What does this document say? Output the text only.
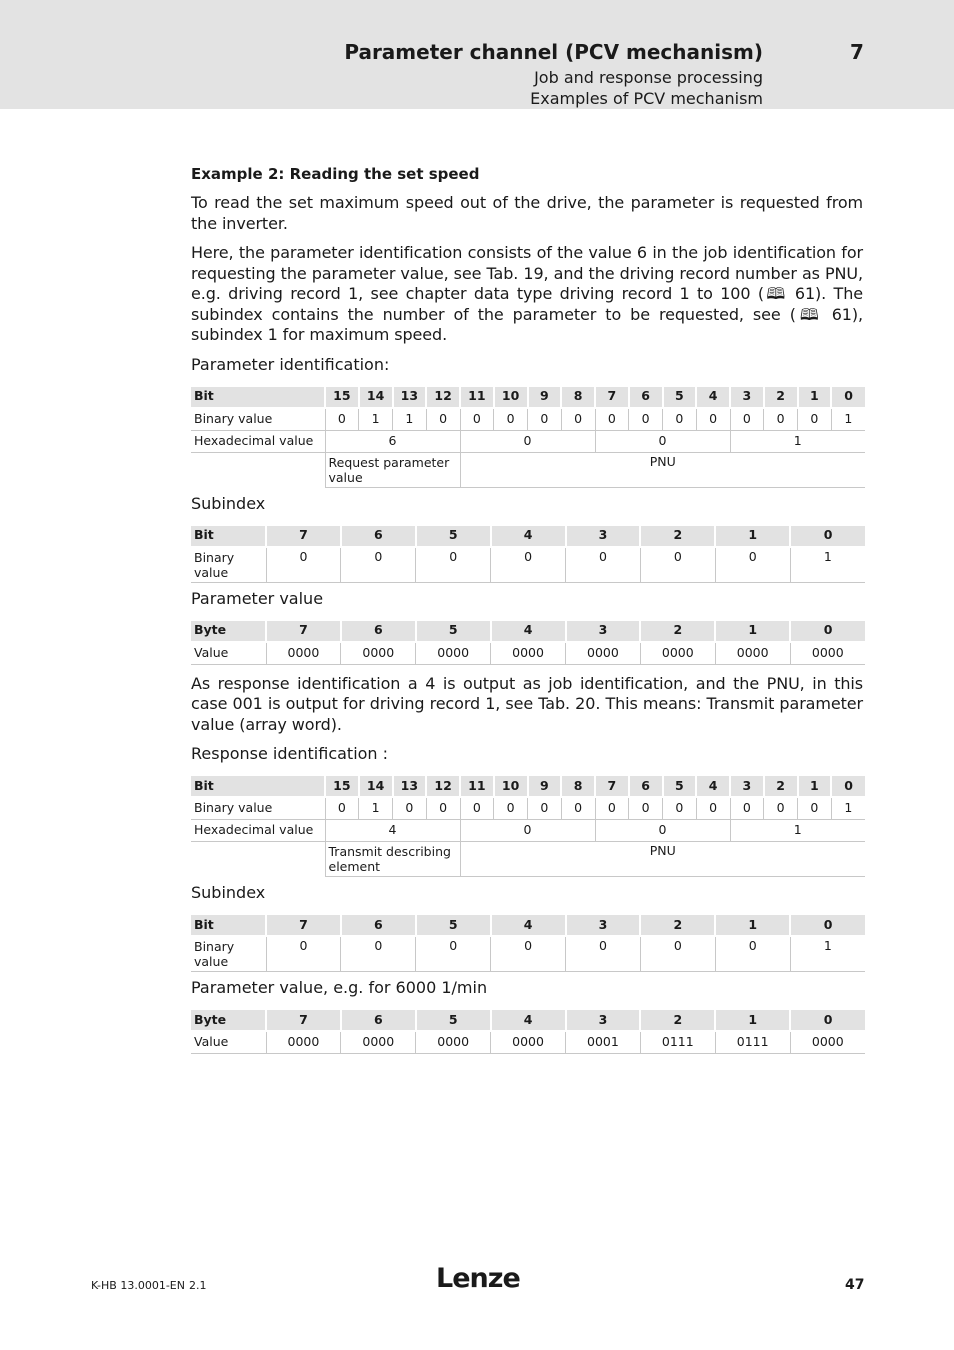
Parameter channel (PCV mechanism)	7
Job and response processing
Examples of PCV mechanism
Example 2: Reading the set speed

To read the set maximum speed out of the drive, the parameter is requested from the inverter.

Here, the parameter identification consists of the value 6 in the job identification for requesting the parameter value, see Tab. 19, and the driving record number as PNU, e.g. driving record 1, see chapter data type driving record 1 to 100 (🕮 61). The subindex contains the number of the parameter to be requested, see (🕮 61), subindex 1 for maximum speed.

Parameter identification:
Bit	15	14	13	12	11	10	9	8	7	6	5	4	3	2	1	0
Binary value	0	1	1	0	0	0	0	0	0	0	0	0	0	0	0	1
Hexadecimal value	6				0				0				1			
	Request parameter value				PNU											
Subindex
Bit	7	6	5	4	3	2	1	0
Binary value	0	0	0	0	0	0	0	1
Parameter value
Byte	7	6	5	4	3	2	1	0
Value	0000	0000	0000	0000	0000	0000	0000	0000

As response identification a 4 is output as job identification, and the PNU, in this case 001 is output for driving record 1, see Tab. 20. This means: Transmit parameter value (array word).

Response identification :
Bit	15	14	13	12	11	10	9	8	7	6	5	4	3	2	1	0
Binary value	0	1	0	0	0	0	0	0	0	0	0	0	0	0	0	1
Hexadecimal value	4				0				0				1			
	Transmit describing element				PNU											
Subindex
Bit	7	6	5	4	3	2	1	0
Binary value	0	0	0	0	0	0	0	1
Parameter value, e.g. for 6000 1/min
Byte	7	6	5	4	3	2	1	0
Value	0000	0000	0000	0000	0001	0111	0111	0000
K-HB 13.0001-EN 2.1	Lenze	47
